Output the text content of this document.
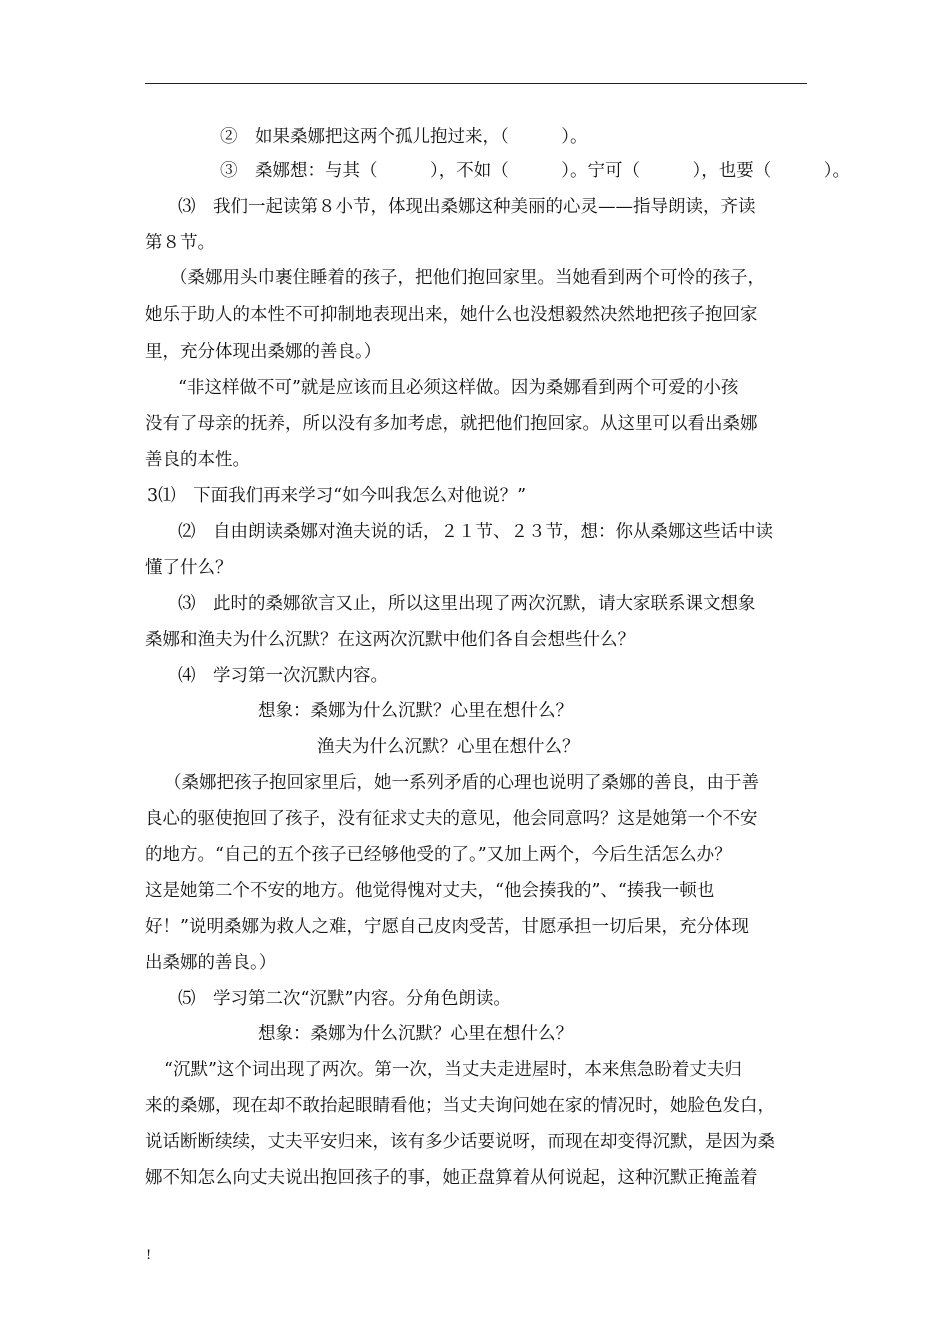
②　如果桑娜把这两个孤儿抱过来，（　　　）。
③　桑娜想：与其（　　　），不如（　　　）。宁可（　　　），也要（　　　）。
⑶　我们一起读第８小节，体现出桑娜这种美丽的心灵——指导朗读，齐读
第８节。
（桑娜用头巾裹住睡着的孩子，把他们抱回家里。当她看到两个可怜的孩子，
她乐于助人的本性不可抑制地表现出来，她什么也没想毅然决然地把孩子抱回家
里，充分体现出桑娜的善良。）
“非这样做不可”就是应该而且必须这样做。因为桑娜看到两个可爱的小孩
没有了母亲的抚养，所以没有多加考虑，就把他们抱回家。从这里可以看出桑娜
善良的本性。
3⑴　下面我们再来学习“如今叫我怎么对他说？”
⑵　自由朗读桑娜对渔夫说的话，２１节、２３节，想：你从桑娜这些话中读
懂了什么？
⑶　此时的桑娜欲言又止，所以这里出现了两次沉默，请大家联系课文想象
桑娜和渔夫为什么沉默？在这两次沉默中他们各自会想些什么？
⑷　学习第一次沉默内容。
想象：桑娜为什么沉默？心里在想什么？
渔夫为什么沉默？心里在想什么？
（桑娜把孩子抱回家里后，她一系列矛盾的心理也说明了桑娜的善良，由于善
良心的驱使抱回了孩子，没有征求丈夫的意见，他会同意吗？这是她第一个不安
的地方。“自己的五个孩子已经够他受的了。”又加上两个，今后生活怎么办？
这是她第二个不安的地方。他觉得愧对丈夫，“他会揍我的”、“揍我一顿也
好！”说明桑娜为救人之难，宁愿自己皮肉受苦，甘愿承担一切后果，充分体现
出桑娜的善良。）
⑸　学习第二次“沉默”内容。分角色朗读。
想象：桑娜为什么沉默？心里在想什么？
“沉默”这个词出现了两次。第一次，当丈夫走进屋时，本来焦急盼着丈夫归
来的桑娜，现在却不敢抬起眼睛看他；当丈夫询问她在家的情况时，她脸色发白，
说话断断续续，丈夫平安归来，该有多少话要说呀，而现在却变得沉默，是因为桑
娜不知怎么向丈夫说出抱回孩子的事，她正盘算着从何说起，这种沉默正掩盖着
!
